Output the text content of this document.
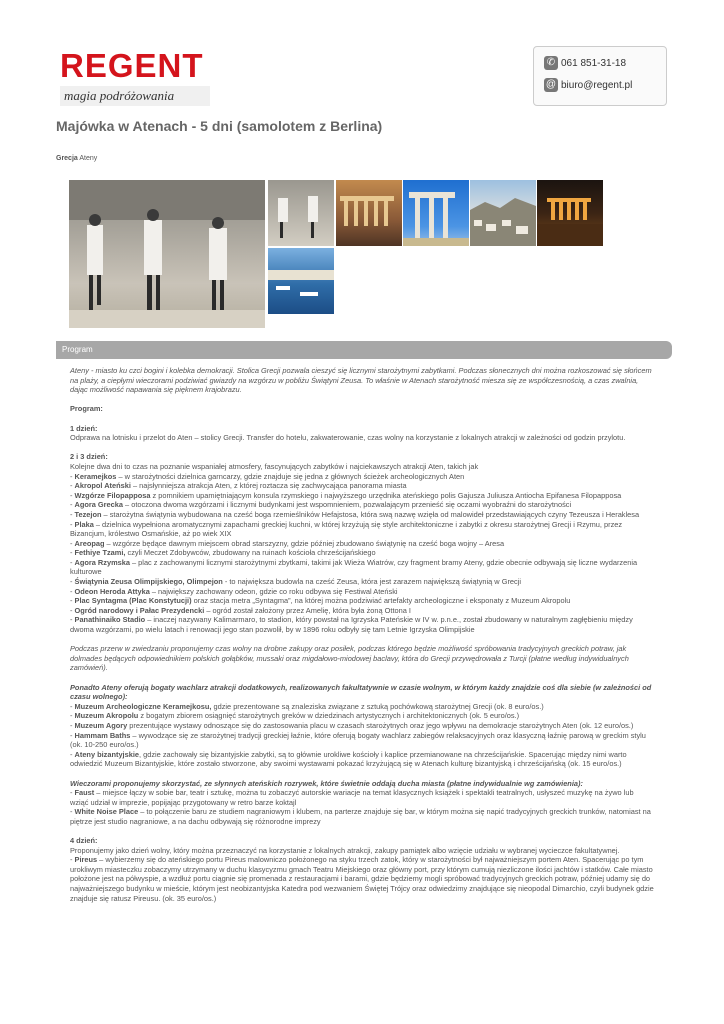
REGENT
magia podróżowania
✆ 061 851-31-18
@ biuro@regent.pl
Majówka w Atenach - 5 dni (samolotem z Berlina)
Grecja Ateny
Program

Ateny - miasto ku czci bogini i kolebka demokracji. Stolica Grecji pozwala cieszyć się licznymi starożytnymi zabytkami. Podczas słonecznych dni można rozkoszować się słońcem na plaży, a ciepłymi wieczorami podziwiać gwiazdy na wzgórzu w pobliżu Świątyni Zeusa. To właśnie w Atenach starożytność miesza się ze współczesnością, a czas zwalnia, dając możliwość napawania się pięknem krajobrazu.

Program:

1 dzień:

Odprawa na lotnisku i przelot do Aten – stolicy Grecji. Transfer do hotelu, zakwaterowanie, czas wolny na korzystanie z lokalnych atrakcji w zależności od godzin przylotu.

2 i 3 dzień:

Kolejne dwa dni to czas na poznanie wspaniałej atmosfery, fascynujących zabytków i najciekawszych atrakcji Aten, takich jak

- Keramejkos – w starożytności dzielnica garncarzy, gdzie znajduje się jedna z głównych ścieżek archeologicznych Aten

- Akropol Ateński – najsłynniejsza atrakcja Aten, z której roztacza się zachwycająca panorama miasta

- Wzgórze Filopapposa z pomnikiem upamiętniającym konsula rzymskiego i najwyższego urzędnika ateńskiego polis Gajusza Juliusza Antiocha Epifanesa Filopapposa

- Agora Grecka – otoczona dwoma wzgórzami i licznymi budynkami jest wspomnieniem, pozwalającym przenieść się oczami wyobraźni do starożytności

- Tezejon – starożytna świątynia wybudowana na cześć boga rzemieślników Hefajstosa, która swą nazwę wzięła od malowideł przedstawiających czyny Tezeusza i Heraklesa

- Plaka – dzielnica wypełniona aromatycznymi zapachami greckiej kuchni, w której krzyżują się style architektoniczne i zabytki z okresu starożytnej Grecji i Rzymu, przez Bizancjum, królestwo Osmańskie, aż po wiek XIX

- Areopag – wzgórze będące dawnym miejscem obrad starszyzny, gdzie później zbudowano świątynię na cześć boga wojny – Aresa

- Fethiye Tzami, czyli Meczet Zdobywców, zbudowany na ruinach kościoła chrześcijańskiego

- Agora Rzymska – plac z zachowanymi licznymi starożytnymi zbytkami, takimi jak Wieża Wiatrów, czy fragment bramy Ateny, gdzie obecnie odbywają się liczne wydarzenia kulturowe

- Świątynia Zeusa Olimpijskiego, Olimpejon - to największa budowla na cześć Zeusa, która jest zarazem największą świątynią w Grecji

- Odeon Heroda Attyka – największy zachowany odeon, gdzie co roku odbywa się Festiwal Ateński

- Plac Syntagma (Plac Konstytucji) oraz stacja metra „Syntagma”, na której można podziwiać artefakty archeologiczne i eksponaty z Muzeum Akropolu

- Ogród narodowy i Pałac Prezydencki – ogród został założony przez Amelię, która była żoną Ottona I

- Panathinaiko Stadio – inaczej nazywany Kalimarmaro, to stadion, który powstał na Igrzyska Pateńskie w IV w. p.n.e., został zbudowany w naturalnym zagłębieniu między dwoma wzgórzami, po wielu latach i renowacji jego stan pozwolił, by w 1896 roku odbyły się tam Letnie Igrzyska Olimpijskie

Podczas przerw w zwiedzaniu proponujemy czas wolny na drobne zakupy oraz posiłek, podczas którego będzie możliwość spróbowania tradycyjnych greckich potraw, jak dolmades będących odpowiednikiem polskich gołąbków, mussaki oraz migdałowo-miodowej baclavy, która do Grecji przywędrowała z Turcji (płatne według indywidualnych zamówień).

Ponadto Ateny oferują bogaty wachlarz atrakcji dodatkowych, realizowanych fakultatywnie w czasie wolnym, w którym każdy znajdzie coś dla siebie (w zależności od czasu wolnego):

- Muzeum Archeologiczne Keramejkosu, gdzie prezentowane są znaleziska związane z sztuką pochówkową starożytnej Grecji (ok. 8 euro/os.)

- Muzeum Akropolu z bogatym zbiorem osiągnięć starożytnych greków w dziedzinach artystycznych i architektonicznych (ok. 5 euro/os.)

- Muzeum Agory prezentujące wystawy odnoszące się do zastosowania placu w czasach starożytnych oraz jego wpływu na demokracje starożytnych Aten (ok. 12 euro/os.)

- Hammam Baths – wywodzące się ze starożytnej tradycji greckiej łaźnie, które oferują bogaty wachlarz zabiegów relaksacyjnych oraz klasyczną łaźnię parową w greckim stylu (ok. 10-250 euro/os.)

- Ateny bizantyjskie, gdzie zachowały się bizantyjskie zabytki, są to głównie urokliwe kościoły i kaplice przemianowane na chrześcijańskie. Spacerując między nimi warto odwiedzić Muzeum Bizantyjskie, które zostało stworzone, aby swoimi wystawami pokazać krzyżującą się w Atenach kulturę bizantyjską i chrześcijańską (ok. 15 euro/os.)

Wieczorami proponujemy skorzystać, ze słynnych ateńskich rozrywek, które świetnie oddają ducha miasta (płatne indywidualnie wg zamówienia):

- Faust – miejsce łączy w sobie bar, teatr i sztukę, można tu zobaczyć autorskie wariacje na temat klasycznych książek i spektakli teatralnych, usłyszeć muzykę na żywo lub wziąć udział w imprezie, popijając przygotowany w retro barze koktajl

- White Noise Place – to połączenie baru ze studiem nagraniowym i klubem, na parterze znajduje się bar, w którym można się napić tradycyjnych greckich trunków, natomiast na piętrze jest studio nagraniowe, a na dachu odbywają się różnorodne imprezy

4 dzień:

Proponujemy jako dzień wolny, który można przeznaczyć na korzystanie z lokalnych atrakcji, zakupy pamiątek albo wzięcie udziału w wybranej wycieczce fakultatywnej.

- Pireus – wybierzemy się do ateńskiego portu Pireus malowniczo położonego na styku trzech zatok, który w starożytności był najważniejszym portem Aten. Spacerując po tym urokliwym miasteczku zobaczymy utrzymany w duchu klasycyzmu gmach Teatru Miejskiego oraz główny port, przy którym cumują niezliczone ilości jachtów i statków. Całe miasto położone jest na półwyspie, a wzdłuż portu ciągnie się promenada z restauracjami i barami, gdzie będziemy mogli spróbować tradycyjnych greckich potraw, później udamy się do najważniejszego budynku w mieście, którym jest neobizantyjska Katedra pod wezwaniem Świętej Trójcy oraz odwiedzimy znajdujące się nieopodal Dimarchio, czyli budynek gdzie znajduje się ratusz Pireusu. (ok. 35 euro/os.)
